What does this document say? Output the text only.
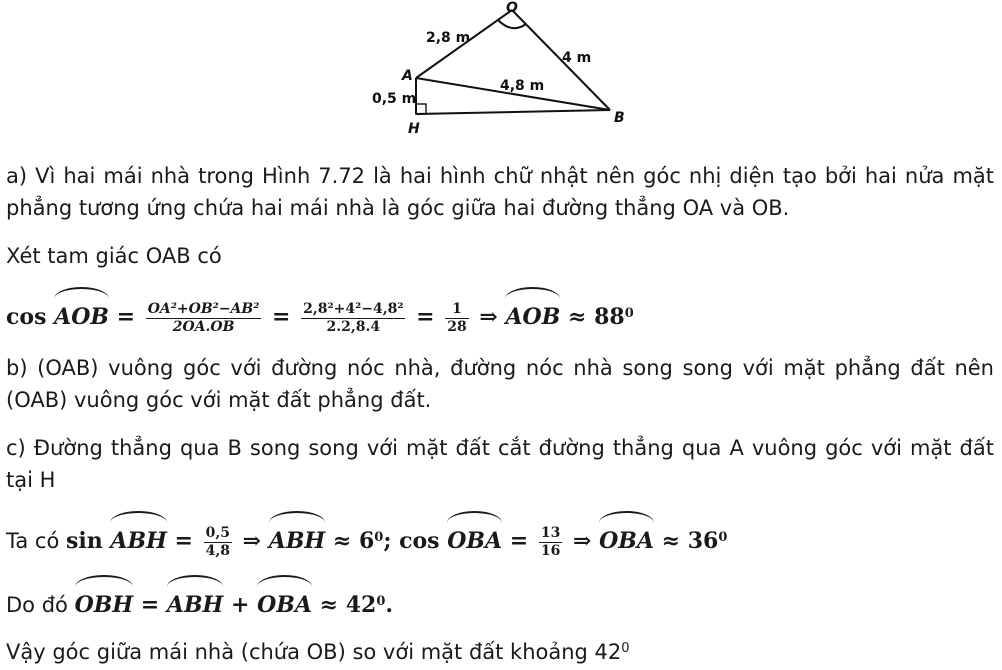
O
A
B
H
2,8 m
4 m
4,8 m
0,5 m

a) Vì hai mái nhà trong Hình 7.72 là hai hình chữ nhật nên góc nhị diện tạo bởi hai nửa mặt phẳng tương ứng chứa hai mái nhà là góc giữa hai đường thẳng OA và OB.

Xét tam giác OAB có

cos AOB = $\frac{\text{OA²+OB²−AB²}}{2OA.OB} = \frac{\text{2,8²+4²−4,8²}}{2.2,8.4} = \frac{1}{28}$ ⇒ AOB ≈ $88^0$

b) (OAB) vuông góc với đường nóc nhà, đường nóc nhà song song với mặt phẳng đất nên (OAB) vuông góc với mặt đất phẳng đất.

c) Đường thẳng qua B song song với mặt đất cắt đường thẳng qua A vuông góc với mặt đất tại H

Ta có sin ABH = $\frac{0,5}{4,8}$ ⇒ ABH ≈ $6^0$; cos OBA = $\frac{13}{16}$ ⇒ OBA ≈ $36^0$
Do đó OBH = ABH + OBA ≈ $42^0$.

Vậy góc giữa mái nhà (chứa OB) so với mặt đất khoảng $42^0$
